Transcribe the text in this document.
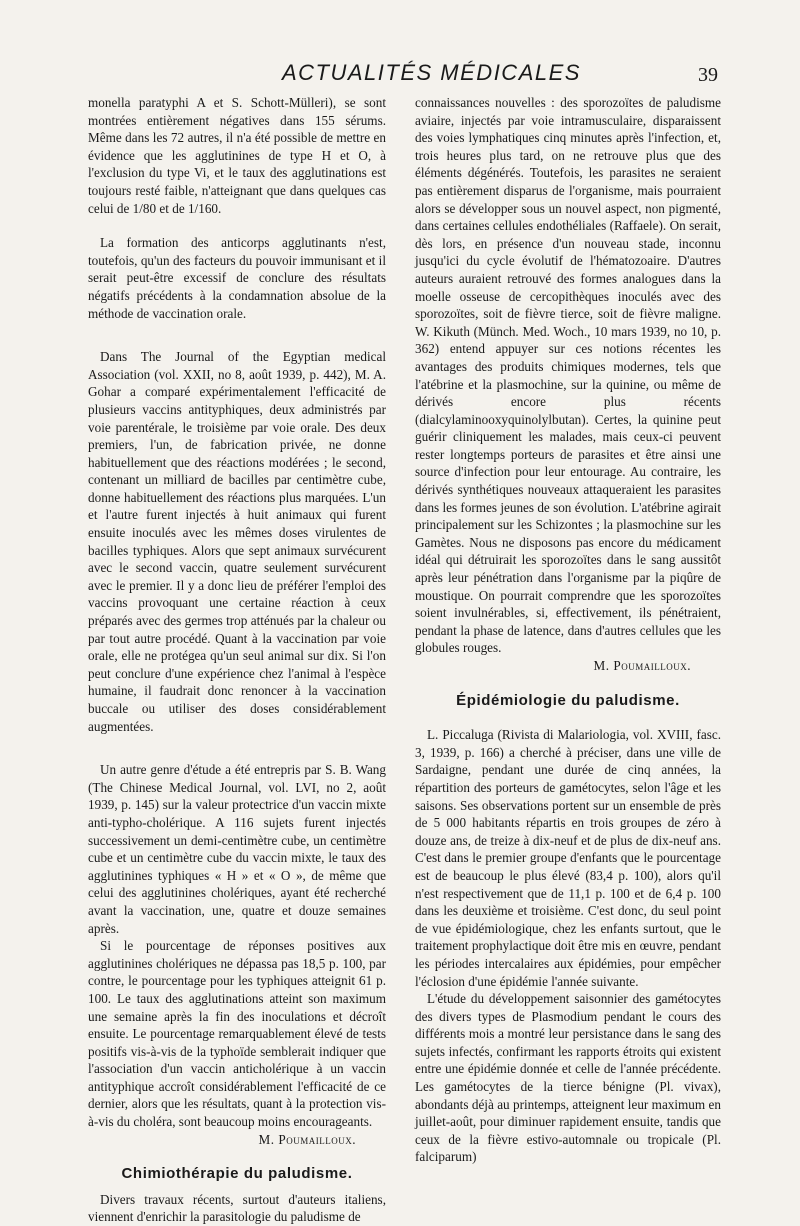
ACTUALITÉS MÉDICALES	39

monella paratyphi A et S. Schott-Mülleri), se sont montrées entièrement négatives dans 155 sérums. Même dans les 72 autres, il n'a été possible de mettre en évidence que les agglutinines de type H et O, à l'exclusion du type Vi, et le taux des agglutinations est toujours resté faible, n'atteignant que dans quelques cas celui de 1/80 et de 1/160.

La formation des anticorps agglutinants n'est, toutefois, qu'un des facteurs du pouvoir immunisant et il serait peut-être excessif de conclure des résultats négatifs précédents à la condamnation absolue de la méthode de vaccination orale.

Dans The Journal of the Egyptian medical Association (vol. XXII, no 8, août 1939, p. 442), M. A. Gohar a comparé expérimentalement l'efficacité de plusieurs vaccins antityphiques, deux administrés par voie parentérale, le troisième par voie orale. Des deux premiers, l'un, de fabrication privée, ne donne habituellement que des réactions modérées ; le second, contenant un milliard de bacilles par centimètre cube, donne habituellement des réactions plus marquées. L'un et l'autre furent injectés à huit animaux qui furent ensuite inoculés avec les mêmes doses virulentes de bacilles typhiques. Alors que sept animaux survécurent avec le second vaccin, quatre seulement survécurent avec le premier. Il y a donc lieu de préférer l'emploi des vaccins provoquant une certaine réaction à ceux préparés avec des germes trop atténués par la chaleur ou par tout autre procédé. Quant à la vaccination par voie orale, elle ne protégea qu'un seul animal sur dix. Si l'on peut conclure d'une expérience chez l'animal à l'espèce humaine, il faudrait donc renoncer à la vaccination buccale ou utiliser des doses considérablement augmentées.

Un autre genre d'étude a été entrepris par S. B. Wang (The Chinese Medical Journal, vol. LVI, no 2, août 1939, p. 145) sur la valeur protectrice d'un vaccin mixte anti-typho-cholérique. A 116 sujets furent injectés successivement un demi-centimètre cube, un centimètre cube et un centimètre cube du vaccin mixte, le taux des agglutinines typhiques « H » et « O », de même que celui des agglutinines cholériques, ayant été recherché avant la vaccination, une, quatre et douze semaines après.

Si le pourcentage de réponses positives aux agglutinines cholériques ne dépassa pas 18,5 p. 100, par contre, le pourcentage pour les typhiques atteignit 61 p. 100. Le taux des agglutinations atteint son maximum une semaine après la fin des inoculations et décroît ensuite. Le pourcentage remarquablement élevé de tests positifs vis-à-vis de la typhoïde semblerait indiquer que l'association d'un vaccin anticholérique à un vaccin antityphique accroît considérablement l'efficacité de ce dernier, alors que les résultats, quant à la protection vis-à-vis du choléra, sont beaucoup moins encourageants.

M. Poumailloux.

Chimiothérapie du paludisme.

Divers travaux récents, surtout d'auteurs italiens, viennent d'enrichir la parasitologie du paludisme de

connaissances nouvelles : des sporozoïtes de paludisme aviaire, injectés par voie intramusculaire, disparaissent des voies lymphatiques cinq minutes après l'infection, et, trois heures plus tard, on ne retrouve plus que des éléments dégénérés. Toutefois, les parasites ne seraient pas entièrement disparus de l'organisme, mais pourraient alors se développer sous un nouvel aspect, non pigmenté, dans certaines cellules endothéliales (Raffaele). On serait, dès lors, en présence d'un nouveau stade, inconnu jusqu'ici du cycle évolutif de l'hématozoaire. D'autres auteurs auraient retrouvé des formes analogues dans la moelle osseuse de cercopithèques inoculés avec des sporozoïtes, soit de fièvre tierce, soit de fièvre maligne. W. Kikuth (Münch. Med. Woch., 10 mars 1939, no 10, p. 362) entend appuyer sur ces notions récentes les avantages des produits chimiques modernes, tels que l'atébrine et la plasmochine, sur la quinine, ou même de dérivés encore plus récents (dialcylaminooxyquinolylbutan). Certes, la quinine peut guérir cliniquement les malades, mais ceux-ci peuvent rester longtemps porteurs de parasites et être ainsi une source d'infection pour leur entourage. Au contraire, les dérivés synthétiques nouveaux attaqueraient les parasites dans les formes jeunes de son évolution. L'atébrine agirait principalement sur les Schizontes ; la plasmochine sur les Gamètes. Nous ne disposons pas encore du médicament idéal qui détruirait les sporozoïtes dans le sang aussitôt après leur pénétration dans l'organisme par la piqûre de moustique. On pourrait comprendre que les sporozoïtes soient invulnérables, si, effectivement, ils pénétraient, pendant la phase de latence, dans d'autres cellules que les globules rouges.

M. Poumailloux.

Épidémiologie du paludisme.

L. Piccaluga (Rivista di Malariologia, vol. XVIII, fasc. 3, 1939, p. 166) a cherché à préciser, dans une ville de Sardaigne, pendant une durée de cinq années, la répartition des porteurs de gamétocytes, selon l'âge et les saisons. Ses observations portent sur un ensemble de près de 5 000 habitants répartis en trois groupes de zéro à douze ans, de treize à dix-neuf et de plus de dix-neuf ans. C'est dans le premier groupe d'enfants que le pourcentage est de beaucoup le plus élevé (83,4 p. 100), alors qu'il n'est respectivement que de 11,1 p. 100 et de 6,4 p. 100 dans les deuxième et troisième. C'est donc, du seul point de vue épidémiologique, chez les enfants surtout, que le traitement prophylactique doit être mis en œuvre, pendant les périodes intercalaires aux épidémies, pour empêcher l'éclosion d'une épidémie l'année suivante.

L'étude du développement saisonnier des gamétocytes des divers types de Plasmodium pendant le cours des différents mois a montré leur persistance dans le sang des sujets infectés, confirmant les rapports étroits qui existent entre une épidémie donnée et celle de l'année précédente. Les gamétocytes de la tierce bénigne (Pl. vivax), abondants déjà au printemps, atteignent leur maximum en juillet-août, pour diminuer rapidement ensuite, tandis que ceux de la fièvre estivo-automnale ou tropicale (Pl. falciparum)
